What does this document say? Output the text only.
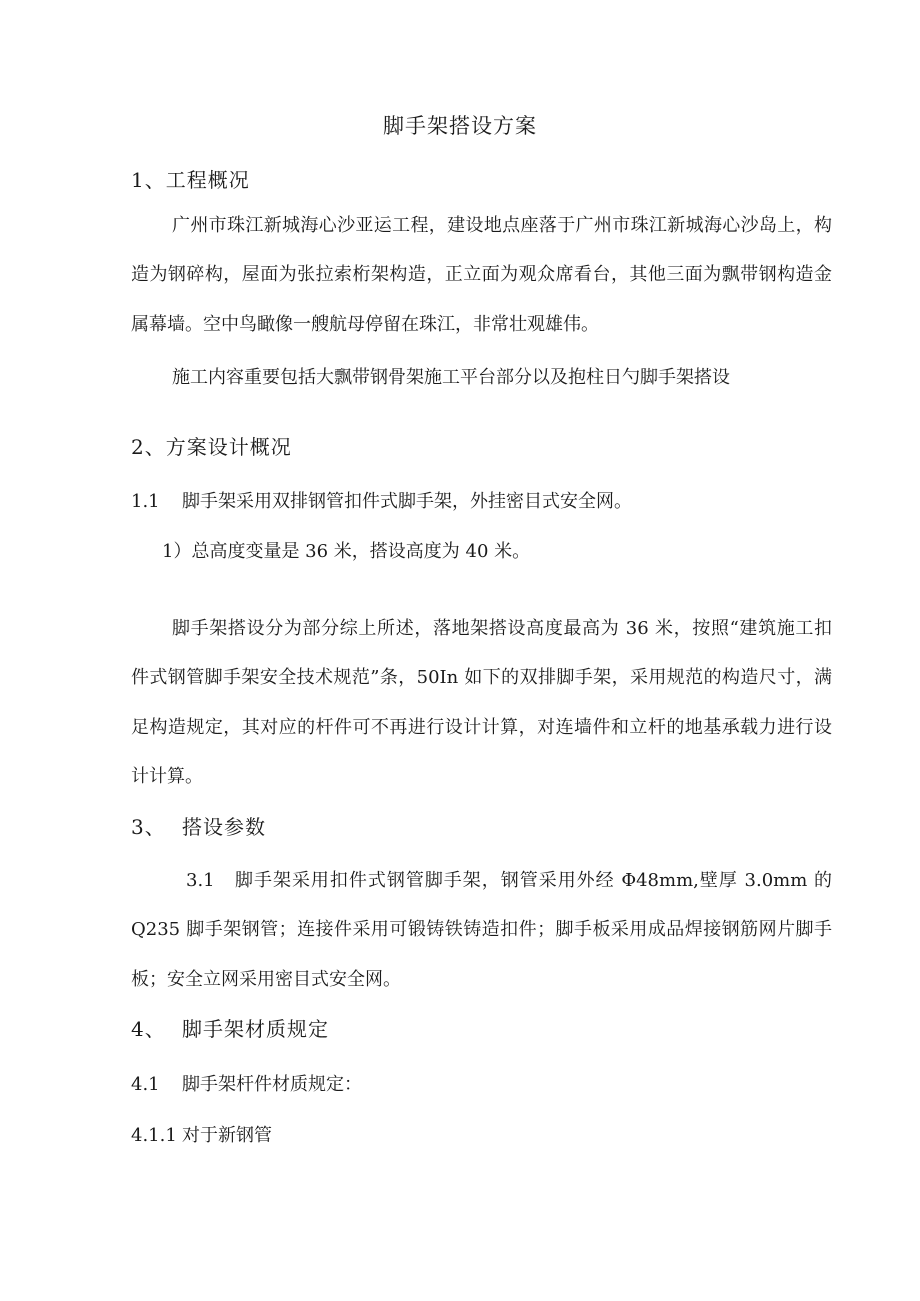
脚手架搭设方案
1、工程概况
广州市珠江新城海心沙亚运工程，建设地点座落于广州市珠江新城海心沙岛上，构
造为钢碎构，屋面为张拉索桁架构造，正立面为观众席看台，其他三面为飘带钢构造金
属幕墙。空中鸟瞰像一艘航母停留在珠江，非常壮观雄伟。
施工内容重要包括大飘带钢骨架施工平台部分以及抱柱日勺脚手架搭设
2、方案设计概况
1.1 脚手架采用双排钢管扣件式脚手架，外挂密目式安全网。
1）总高度变量是 36 米，搭设高度为 40 米。
脚手架搭设分为部分综上所述，落地架搭设高度最高为 36 米，按照“建筑施工扣
件式钢管脚手架安全技术规范”条，50In 如下的双排脚手架，采用规范的构造尺寸，满
足构造规定，其对应的杆件可不再进行设计计算，对连墙件和立杆的地基承载力进行设
计计算。
3、 搭设参数
3.1 脚手架采用扣件式钢管脚手架，钢管采用外经 Φ48mm,壁厚 3.0mm 的
Q235 脚手架钢管；连接件采用可锻铸铁铸造扣件；脚手板采用成品焊接钢筋网片脚手
板；安全立网采用密目式安全网。
4、 脚手架材质规定
4.1 脚手架杆件材质规定：
4.1.1 对于新钢管
